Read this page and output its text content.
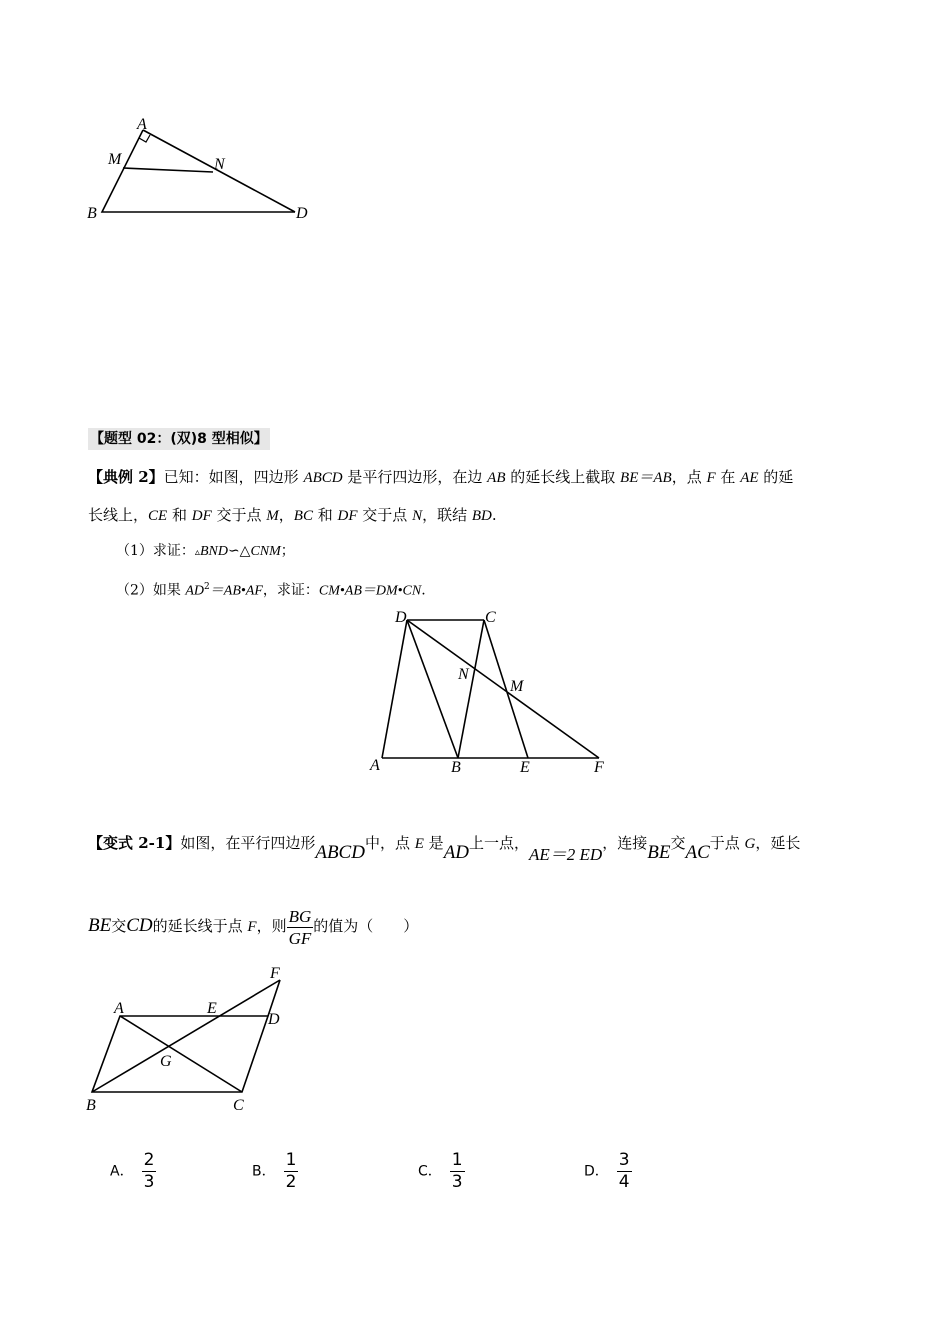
A
M	N
B	D
【题型 02：(双)8 型相似】
【典例 2】已知：如图，四边形 ABCD 是平行四边形，在边 AB 的延长线上截取 BE＝AB，点 F 在 AE 的延
长线上，CE 和 DF 交于点 M，BC 和 DF 交于点 N，联结 BD.
（1）求证：▵BND∽△CNM；
（2）如果 $AD^2=AB•AF$，求证：CM•AB＝DM•CN.
D	C
N
M
A	B	E	F
【变式 2-1】如图，在平行四边形ABCD中，点 E 是AD上一点，AE＝2 ED，连接BE交AC于点 G，延长
BE交CD的延长线于点 F，则 $\frac{BG}{GF}$ 的值为（　　）
F
A	E
D
G
B	C
A． $\frac{2}{3}$	B． $\frac{1}{2}$	C． $\frac{1}{3}$	D． $\frac{3}{4}$
